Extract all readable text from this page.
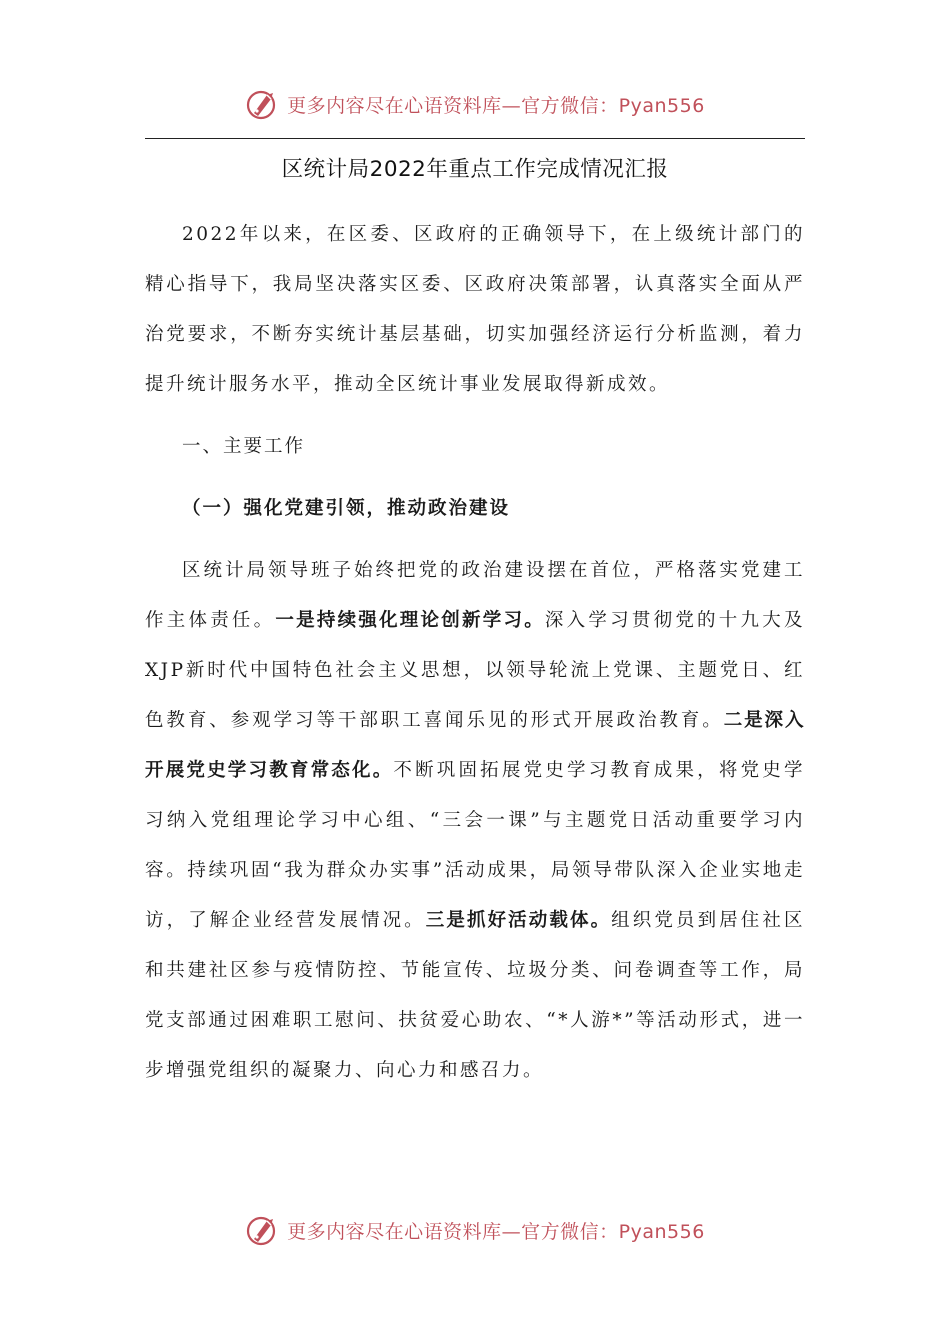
更多内容尽在心语资料库—官方微信：Pyan556
区统计局2022年重点工作完成情况汇报

2022年以来，在区委、区政府的正确领导下，在上级统计部门的精心指导下，我局坚决落实区委、区政府决策部署，认真落实全面从严治党要求，不断夯实统计基层基础，切实加强经济运行分析监测，着力提升统计服务水平，推动全区统计事业发展取得新成效。

一、主要工作

（一）强化党建引领，推动政治建设

区统计局领导班子始终把党的政治建设摆在首位，严格落实党建工作主体责任。一是持续强化理论创新学习。深入学习贯彻党的十九大及XJP新时代中国特色社会主义思想，以领导轮流上党课、主题党日、红色教育、参观学习等干部职工喜闻乐见的形式开展政治教育。二是深入开展党史学习教育常态化。不断巩固拓展党史学习教育成果，将党史学习纳入党组理论学习中心组、“三会一课”与主题党日活动重要学习内容。持续巩固“我为群众办实事”活动成果，局领导带队深入企业实地走访，了解企业经营发展情况。三是抓好活动载体。组织党员到居住社区和共建社区参与疫情防控、节能宣传、垃圾分类、问卷调查等工作，局党支部通过困难职工慰问、扶贫爱心助农、“*人游*”等活动形式，进一步增强党组织的凝聚力、向心力和感召力。

更多内容尽在心语资料库—官方微信：Pyan556
